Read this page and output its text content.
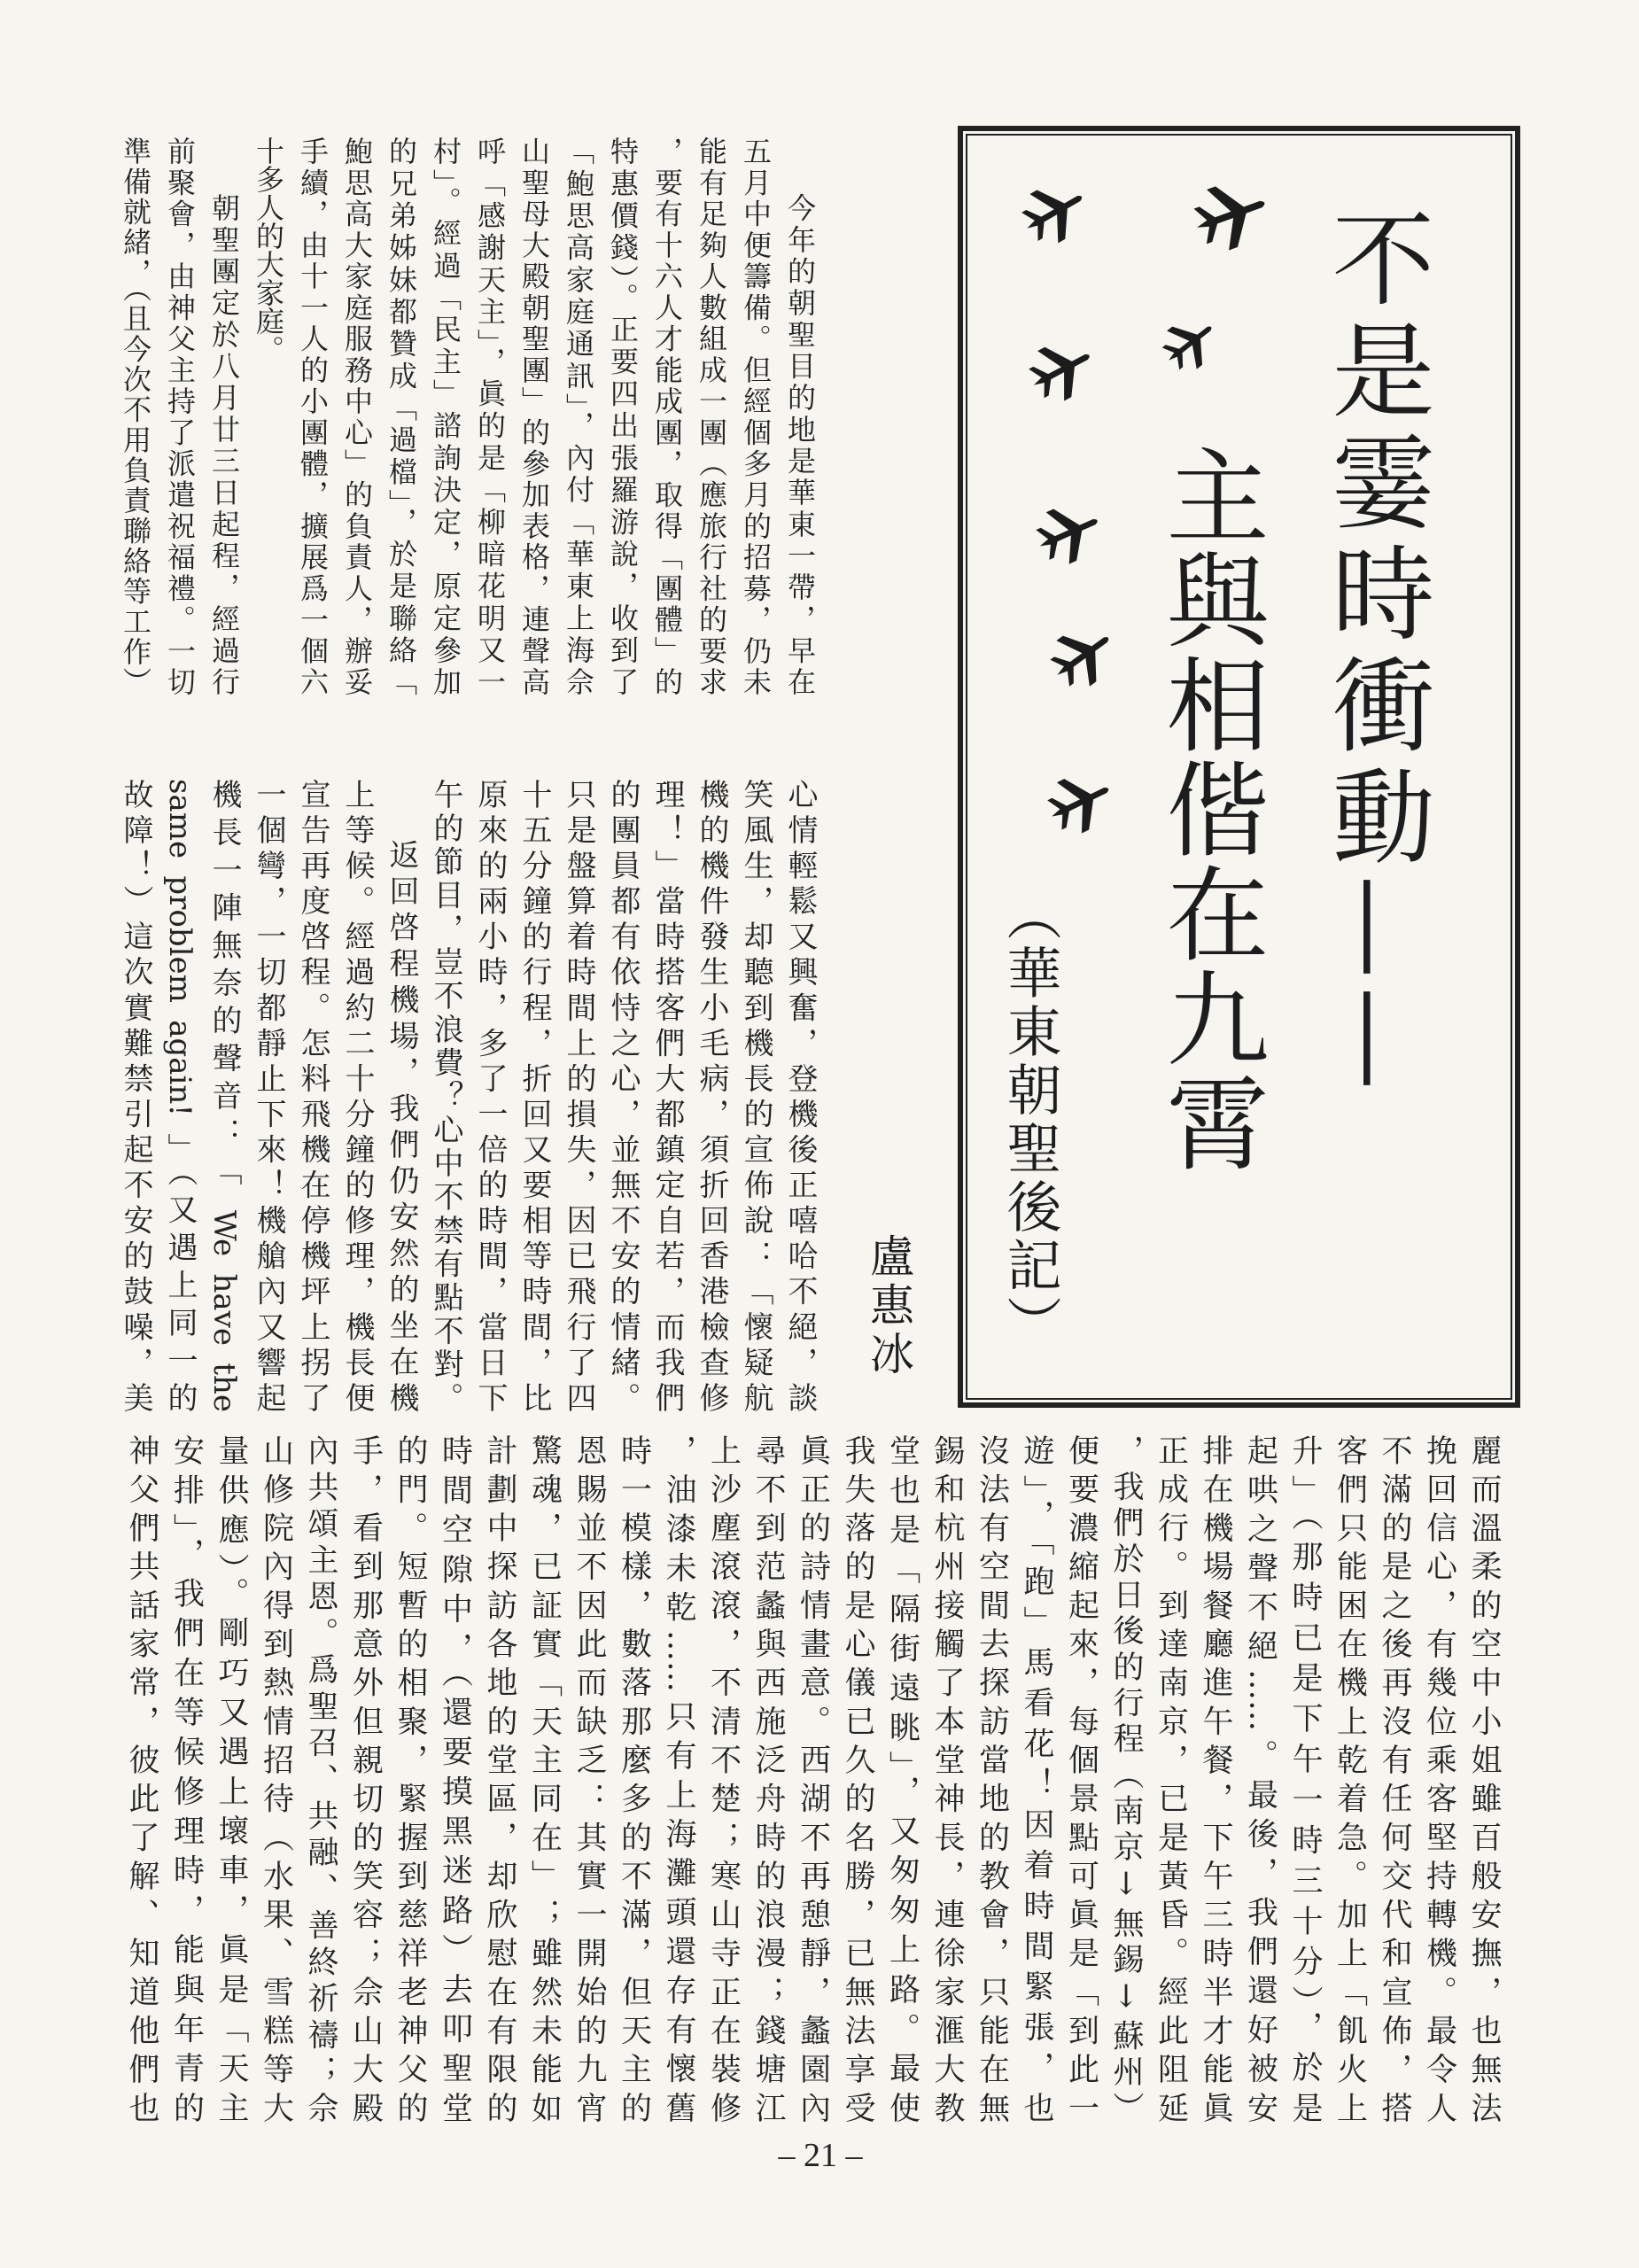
不是霎時衝動——
主與相偕在九霄
（華東朝聖後記）
盧惠冰
今年的朝聖目的地是華東一帶，早在
五月中便籌備。但經個多月的招募，仍未
能有足夠人數組成一團（應旅行社的要求
，要有十六人才能成團，取得「團體」的
特惠價錢）。正要四出張羅游說，收到了
「鮑思高家庭通訊」，內付「華東上海佘
山聖母大殿朝聖團」的參加表格，連聲高
呼「感謝天主」，眞的是「柳暗花明又一
村」。經過「民主」諮詢決定，原定參加
的兄弟姊妹都贊成「過檔」，於是聯絡「
鮑思高大家庭服務中心」的負責人，辦妥
手續，由十一人的小團體，擴展爲一個六
十多人的大家庭。
朝聖團定於八月廿三日起程，經過行
前聚會，由神父主持了派遣祝福禮。一切
準備就緒，（且今次不用負責聯絡等工作）
心情輕鬆又興奮，登機後正嘻哈不絕，談
笑風生，却聽到機長的宣佈說：「懷疑航
機的機件發生小毛病，須折回香港檢查修
理！」當時搭客們大都鎮定自若，而我們
的團員都有依恃之心，並無不安的情緒。
只是盤算着時間上的損失，因已飛行了四
十五分鐘的行程，折回又要相等時間，比
原來的兩小時，多了一倍的時間，當日下
午的節目，豈不浪費？心中不禁有點不對。
返回啓程機場，我們仍安然的坐在機
上等候。經過約二十分鐘的修理，機長便
宣告再度啓程。怎料飛機在停機坪上拐了
一個彎，一切都靜止下來！機艙內又響起
機長一陣無奈的聲音：「 We have the
same problem again! 」（又遇上同一的
故障！）這次實難禁引起不安的鼓噪，美
麗而溫柔的空中小姐雖百般安撫，也無法
挽回信心，有幾位乘客堅持轉機。最令人
不滿的是之後再沒有任何交代和宣佈，搭
客們只能困在機上乾着急。加上「飢火上
升」（那時已是下午一時三十分），於是
起哄之聲不絕……。最後，我們還好被安
排在機場餐廳進午餐，下午三時半才能眞
正成行。到達南京，已是黃昏。經此阻延
，我們於日後的行程（南京↓無錫↓蘇州）
便要濃縮起來，每個景點可眞是「到此一
遊」，「跑」馬看花！因着時間緊張，也
沒法有空間去探訪當地的教會，只能在無
錫和杭州接觸了本堂神長，連徐家滙大教
堂也是「隔街遠眺」，又匆匆上路。最使
我失落的是心儀已久的名勝，已無法享受
眞正的詩情畫意。西湖不再憩靜，蠡園內
尋不到范蠡與西施泛舟時的浪漫；錢塘江
上沙塵滾滾，不清不楚；寒山寺正在裝修
，油漆未乾……只有上海灘頭還存有懷舊
時一模樣，數落那麼多的不滿，但天主的
恩賜並不因此而缺乏：其實一開始的九宵
驚魂，已証實「天主同在」；雖然未能如
計劃中探訪各地的堂區，却欣慰在有限的
時間空隙中，（還要摸黑迷路）去叩聖堂
的門。短暫的相聚，緊握到慈祥老神父的
手，看到那意外但親切的笑容；佘山大殿
內共頌主恩。爲聖召、共融、善終祈禱；佘
山修院內得到熱情招待（水果、雪糕等大
量供應）。剛巧又遇上壞車，眞是「天主
安排」，我們在等候修理時，能與年青的
神父們共話家常，彼此了解、知道他們也
– 21 –
